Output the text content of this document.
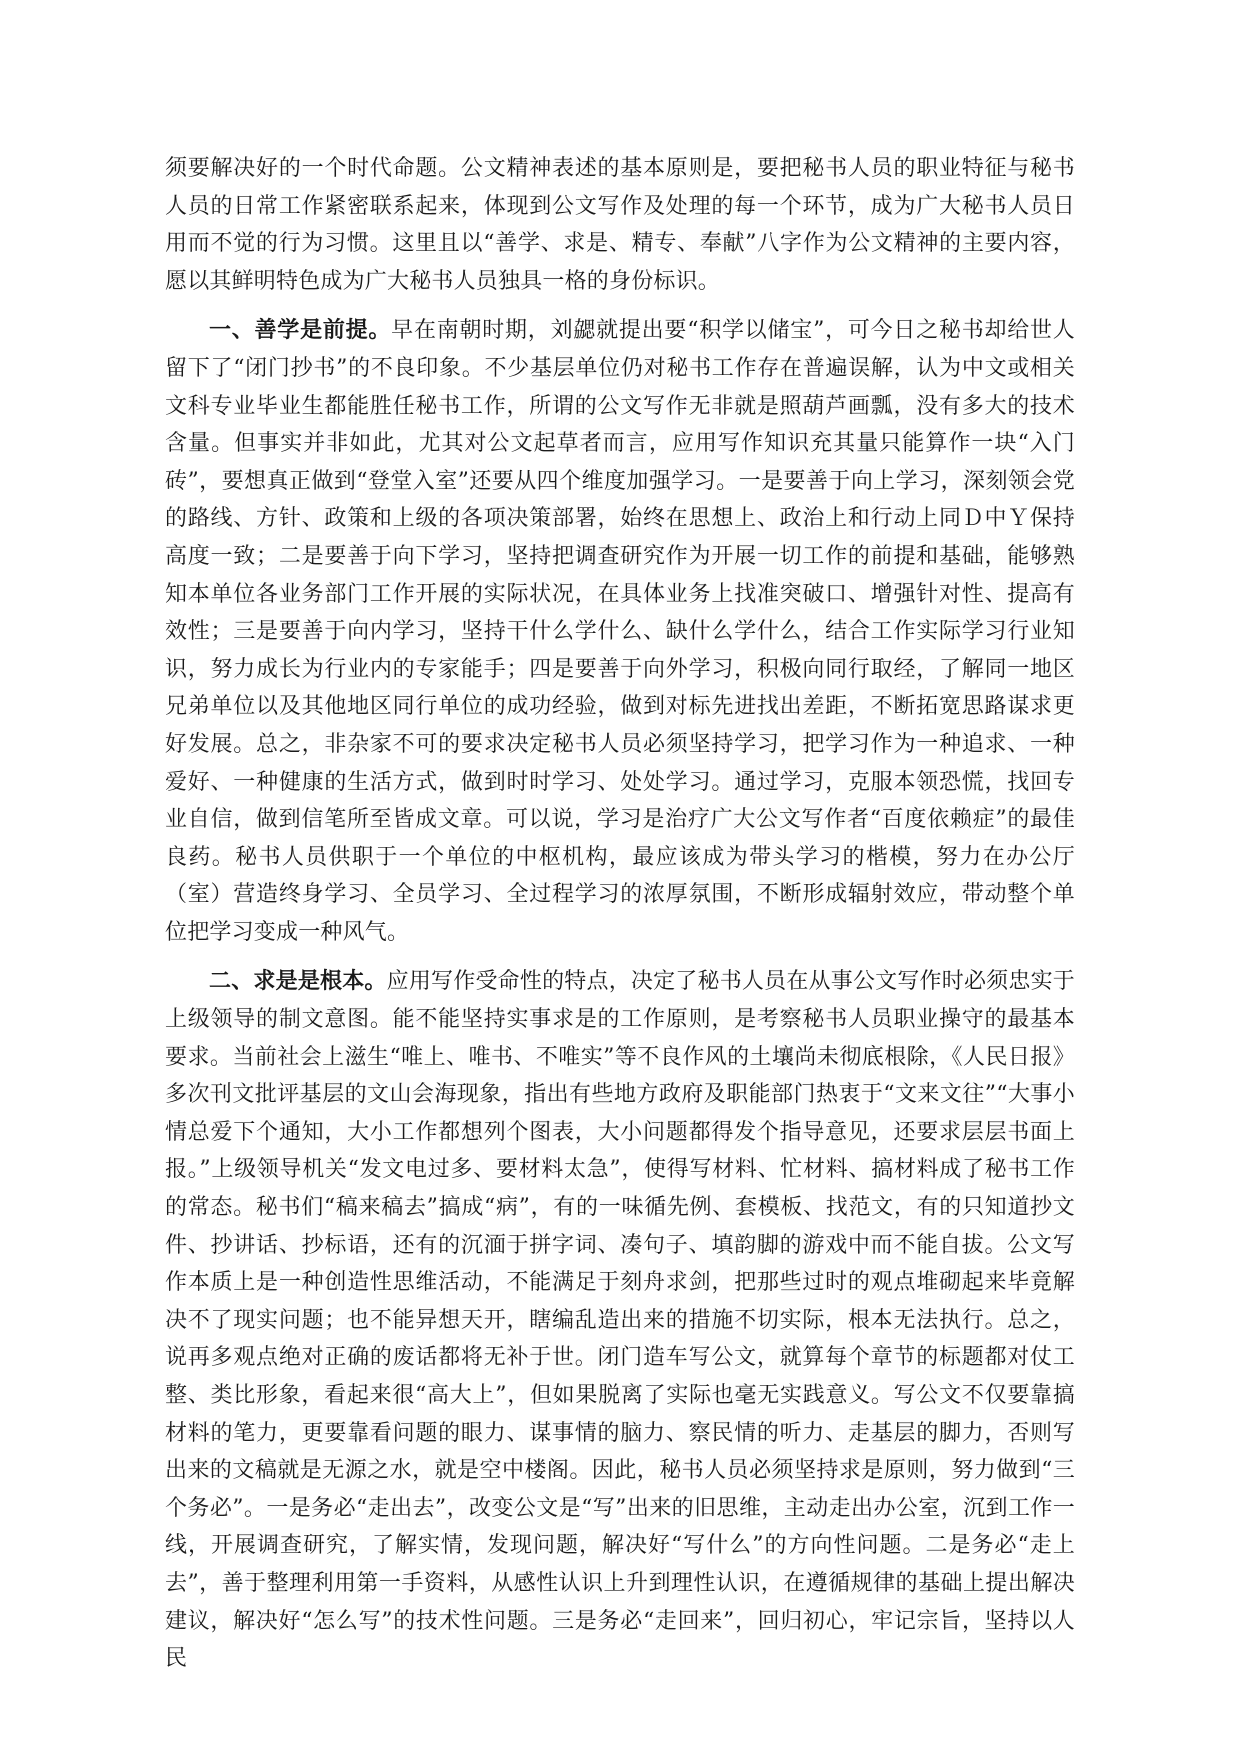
须要解决好的一个时代命题。公文精神表述的基本原则是，要把秘书人员的职业特征与秘书人员的日常工作紧密联系起来，体现到公文写作及处理的每一个环节，成为广大秘书人员日用而不觉的行为习惯。这里且以“善学、求是、精专、奉献”八字作为公文精神的主要内容，愿以其鲜明特色成为广大秘书人员独具一格的身份标识。

一、善学是前提。早在南朝时期，刘勰就提出要“积学以储宝”，可今日之秘书却给世人留下了“闭门抄书”的不良印象。不少基层单位仍对秘书工作存在普遍误解，认为中文或相关文科专业毕业生都能胜任秘书工作，所谓的公文写作无非就是照葫芦画瓢，没有多大的技术含量。但事实并非如此，尤其对公文起草者而言，应用写作知识充其量只能算作一块“入门砖”，要想真正做到“登堂入室”还要从四个维度加强学习。一是要善于向上学习，深刻领会党的路线、方针、政策和上级的各项决策部署，始终在思想上、政治上和行动上同Ｄ中Ｙ保持高度一致；二是要善于向下学习，坚持把调查研究作为开展一切工作的前提和基础，能够熟知本单位各业务部门工作开展的实际状况，在具体业务上找准突破口、增强针对性、提高有效性；三是要善于向内学习，坚持干什么学什么、缺什么学什么，结合工作实际学习行业知识，努力成长为行业内的专家能手；四是要善于向外学习，积极向同行取经，了解同一地区兄弟单位以及其他地区同行单位的成功经验，做到对标先进找出差距，不断拓宽思路谋求更好发展。总之，非杂家不可的要求决定秘书人员必须坚持学习，把学习作为一种追求、一种爱好、一种健康的生活方式，做到时时学习、处处学习。通过学习，克服本领恐慌，找回专业自信，做到信笔所至皆成文章。可以说，学习是治疗广大公文写作者“百度依赖症”的最佳良药。秘书人员供职于一个单位的中枢机构，最应该成为带头学习的楷模，努力在办公厅（室）营造终身学习、全员学习、全过程学习的浓厚氛围，不断形成辐射效应，带动整个单位把学习变成一种风气。

二、求是是根本。应用写作受命性的特点，决定了秘书人员在从事公文写作时必须忠实于上级领导的制文意图。能不能坚持实事求是的工作原则，是考察秘书人员职业操守的最基本要求。当前社会上滋生“唯上、唯书、不唯实”等不良作风的土壤尚未彻底根除，《人民日报》多次刊文批评基层的文山会海现象，指出有些地方政府及职能部门热衷于“文来文往”“大事小情总爱下个通知，大小工作都想列个图表，大小问题都得发个指导意见，还要求层层书面上报。”上级领导机关“发文电过多、要材料太急”，使得写材料、忙材料、搞材料成了秘书工作的常态。秘书们“稿来稿去”搞成“病”，有的一味循先例、套模板、找范文，有的只知道抄文件、抄讲话、抄标语，还有的沉湎于拼字词、凑句子、填韵脚的游戏中而不能自拔。公文写作本质上是一种创造性思维活动，不能满足于刻舟求剑，把那些过时的观点堆砌起来毕竟解决不了现实问题；也不能异想天开，瞎编乱造出来的措施不切实际，根本无法执行。总之，说再多观点绝对正确的废话都将无补于世。闭门造车写公文，就算每个章节的标题都对仗工整、类比形象，看起来很“高大上”，但如果脱离了实际也毫无实践意义。写公文不仅要靠搞材料的笔力，更要靠看问题的眼力、谋事情的脑力、察民情的听力、走基层的脚力，否则写出来的文稿就是无源之水，就是空中楼阁。因此，秘书人员必须坚持求是原则，努力做到“三个务必”。一是务必“走出去”，改变公文是“写”出来的旧思维，主动走出办公室，沉到工作一线，开展调查研究，了解实情，发现问题，解决好“写什么”的方向性问题。二是务必“走上去”，善于整理利用第一手资料，从感性认识上升到理性认识，在遵循规律的基础上提出解决建议，解决好“怎么写”的技术性问题。三是务必“走回来”，回归初心，牢记宗旨，坚持以人民
